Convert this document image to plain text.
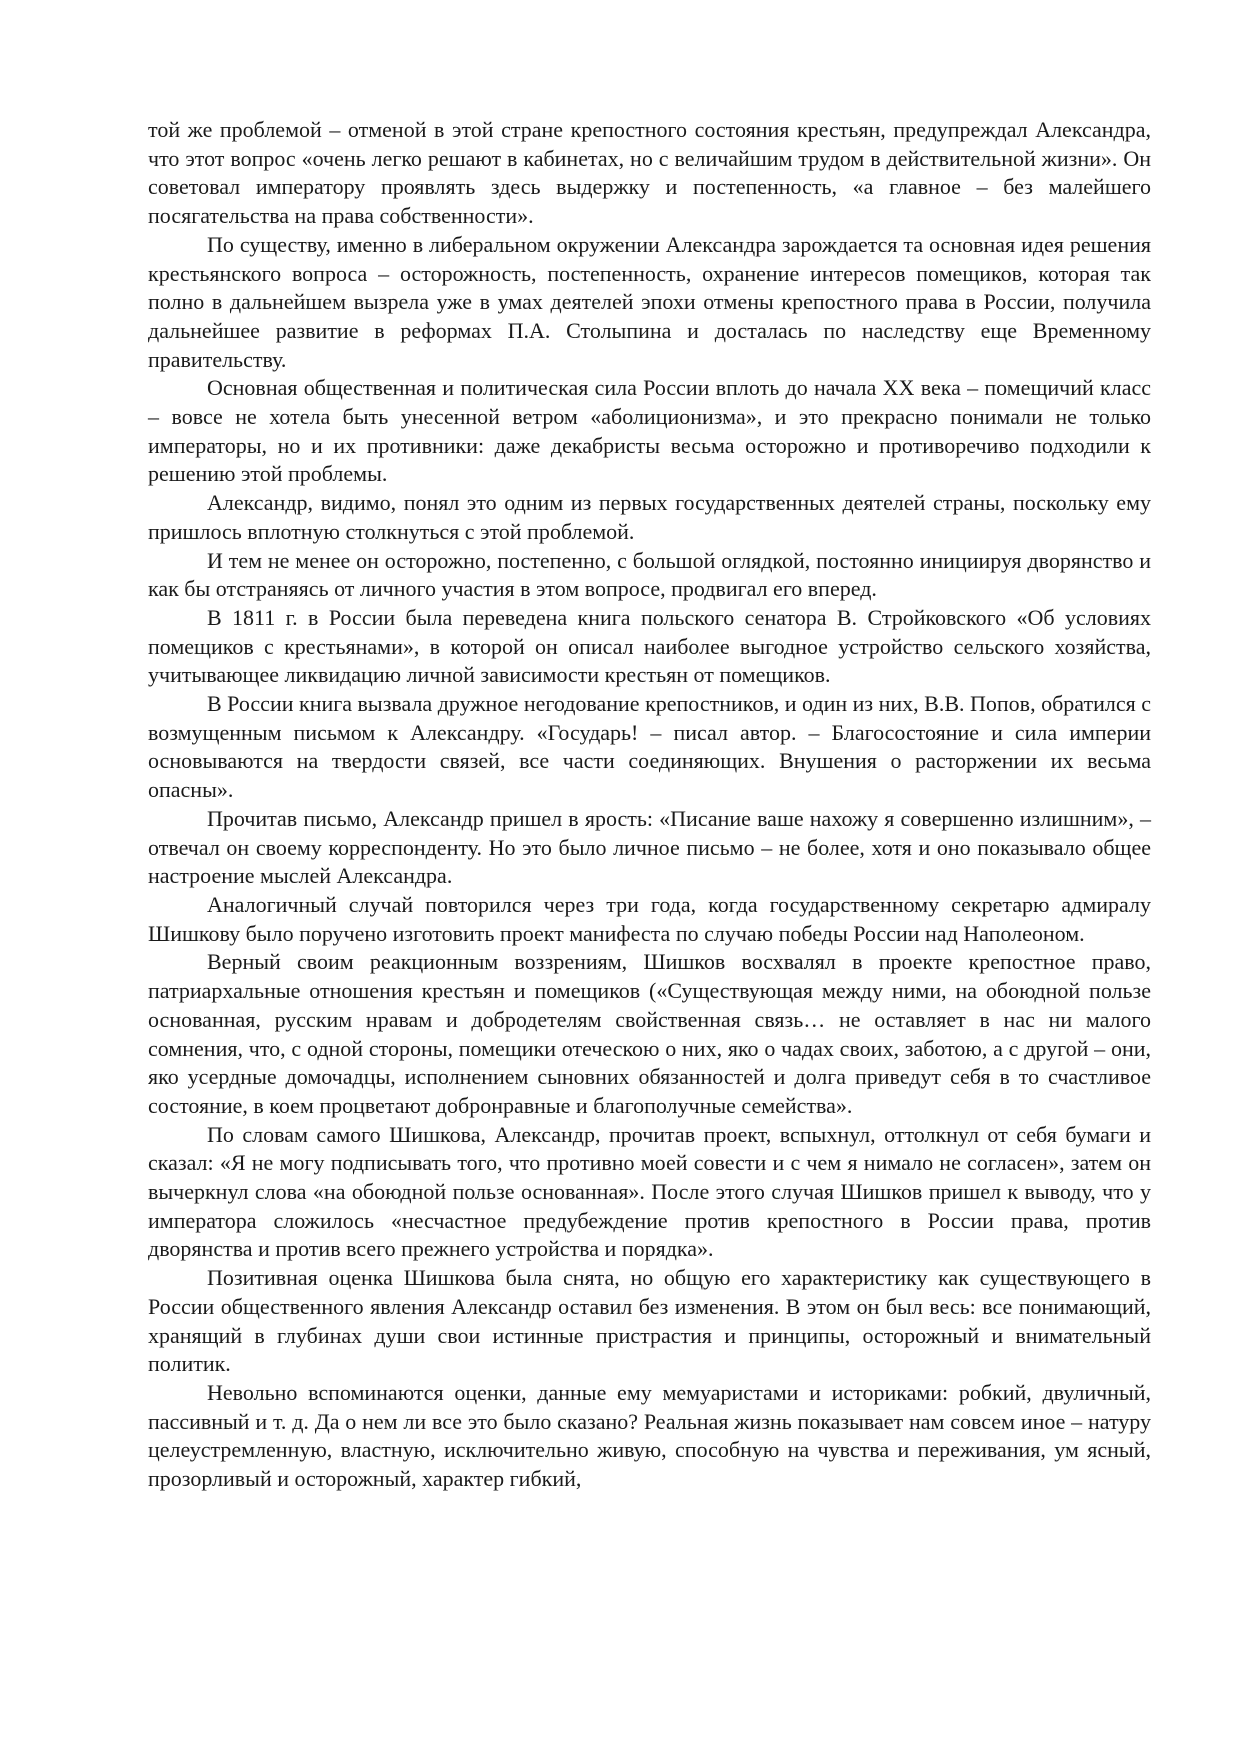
той же проблемой – отменой в этой стране крепостного состояния крестьян, предупреждал Александра, что этот вопрос «очень легко решают в кабинетах, но с величайшим трудом в действительной жизни». Он советовал императору проявлять здесь выдержку и постепенность, «а главное – без малейшего посягательства на права собственности».

По существу, именно в либеральном окружении Александра зарождается та основная идея решения крестьянского вопроса – осторожность, постепенность, охранение интересов помещиков, которая так полно в дальнейшем вызрела уже в умах деятелей эпохи отмены крепостного права в России, получила дальнейшее развитие в реформах П.А. Столыпина и досталась по наследству еще Временному правительству.

Основная общественная и политическая сила России вплоть до начала XX века – помещичий класс – вовсе не хотела быть унесенной ветром «аболиционизма», и это прекрасно понимали не только императоры, но и их противники: даже декабристы весьма осторожно и противоречиво подходили к решению этой проблемы.

Александр, видимо, понял это одним из первых государственных деятелей страны, поскольку ему пришлось вплотную столкнуться с этой проблемой.

И тем не менее он осторожно, постепенно, с большой оглядкой, постоянно инициируя дворянство и как бы отстраняясь от личного участия в этом вопросе, продвигал его вперед.

В 1811 г. в России была переведена книга польского сенатора В. Стройковского «Об условиях помещиков с крестьянами», в которой он описал наиболее выгодное устройство сельского хозяйства, учитывающее ликвидацию личной зависимости крестьян от помещиков.

В России книга вызвала дружное негодование крепостников, и один из них, В.В. Попов, обратился с возмущенным письмом к Александру. «Государь! – писал автор. – Благосостояние и сила империи основываются на твердости связей, все части соединяющих. Внушения о расторжении их весьма опасны».

Прочитав письмо, Александр пришел в ярость: «Писание ваше нахожу я совершенно излишним», – отвечал он своему корреспонденту. Но это было личное письмо – не более, хотя и оно показывало общее настроение мыслей Александра.

Аналогичный случай повторился через три года, когда государственному секретарю адмиралу Шишкову было поручено изготовить проект манифеста по случаю победы России над Наполеоном.

Верный своим реакционным воззрениям, Шишков восхвалял в проекте крепостное право, патриархальные отношения крестьян и помещиков («Существующая между ними, на обоюдной пользе основанная, русским нравам и добродетелям свойственная связь… не оставляет в нас ни малого сомнения, что, с одной стороны, помещики отеческою о них, яко о чадах своих, заботою, а с другой – они, яко усердные домочадцы, исполнением сыновних обязанностей и долга приведут себя в то счастливое состояние, в коем процветают добронравные и благополучные семейства».

По словам самого Шишкова, Александр, прочитав проект, вспыхнул, оттолкнул от себя бумаги и сказал: «Я не могу подписывать того, что противно моей совести и с чем я нимало не согласен», затем он вычеркнул слова «на обоюдной пользе основанная». После этого случая Шишков пришел к выводу, что у императора сложилось «несчастное предубеждение против крепостного в России права, против дворянства и против всего прежнего устройства и порядка».

Позитивная оценка Шишкова была снята, но общую его характеристику как существующего в России общественного явления Александр оставил без изменения. В этом он был весь: все понимающий, хранящий в глубинах души свои истинные пристрастия и принципы, осторожный и внимательный политик.

Невольно вспоминаются оценки, данные ему мемуаристами и историками: робкий, двуличный, пассивный и т. д. Да о нем ли все это было сказано? Реальная жизнь показывает нам совсем иное – натуру целеустремленную, властную, исключительно живую, способную на чувства и переживания, ум ясный, прозорливый и осторожный, характер гибкий,
